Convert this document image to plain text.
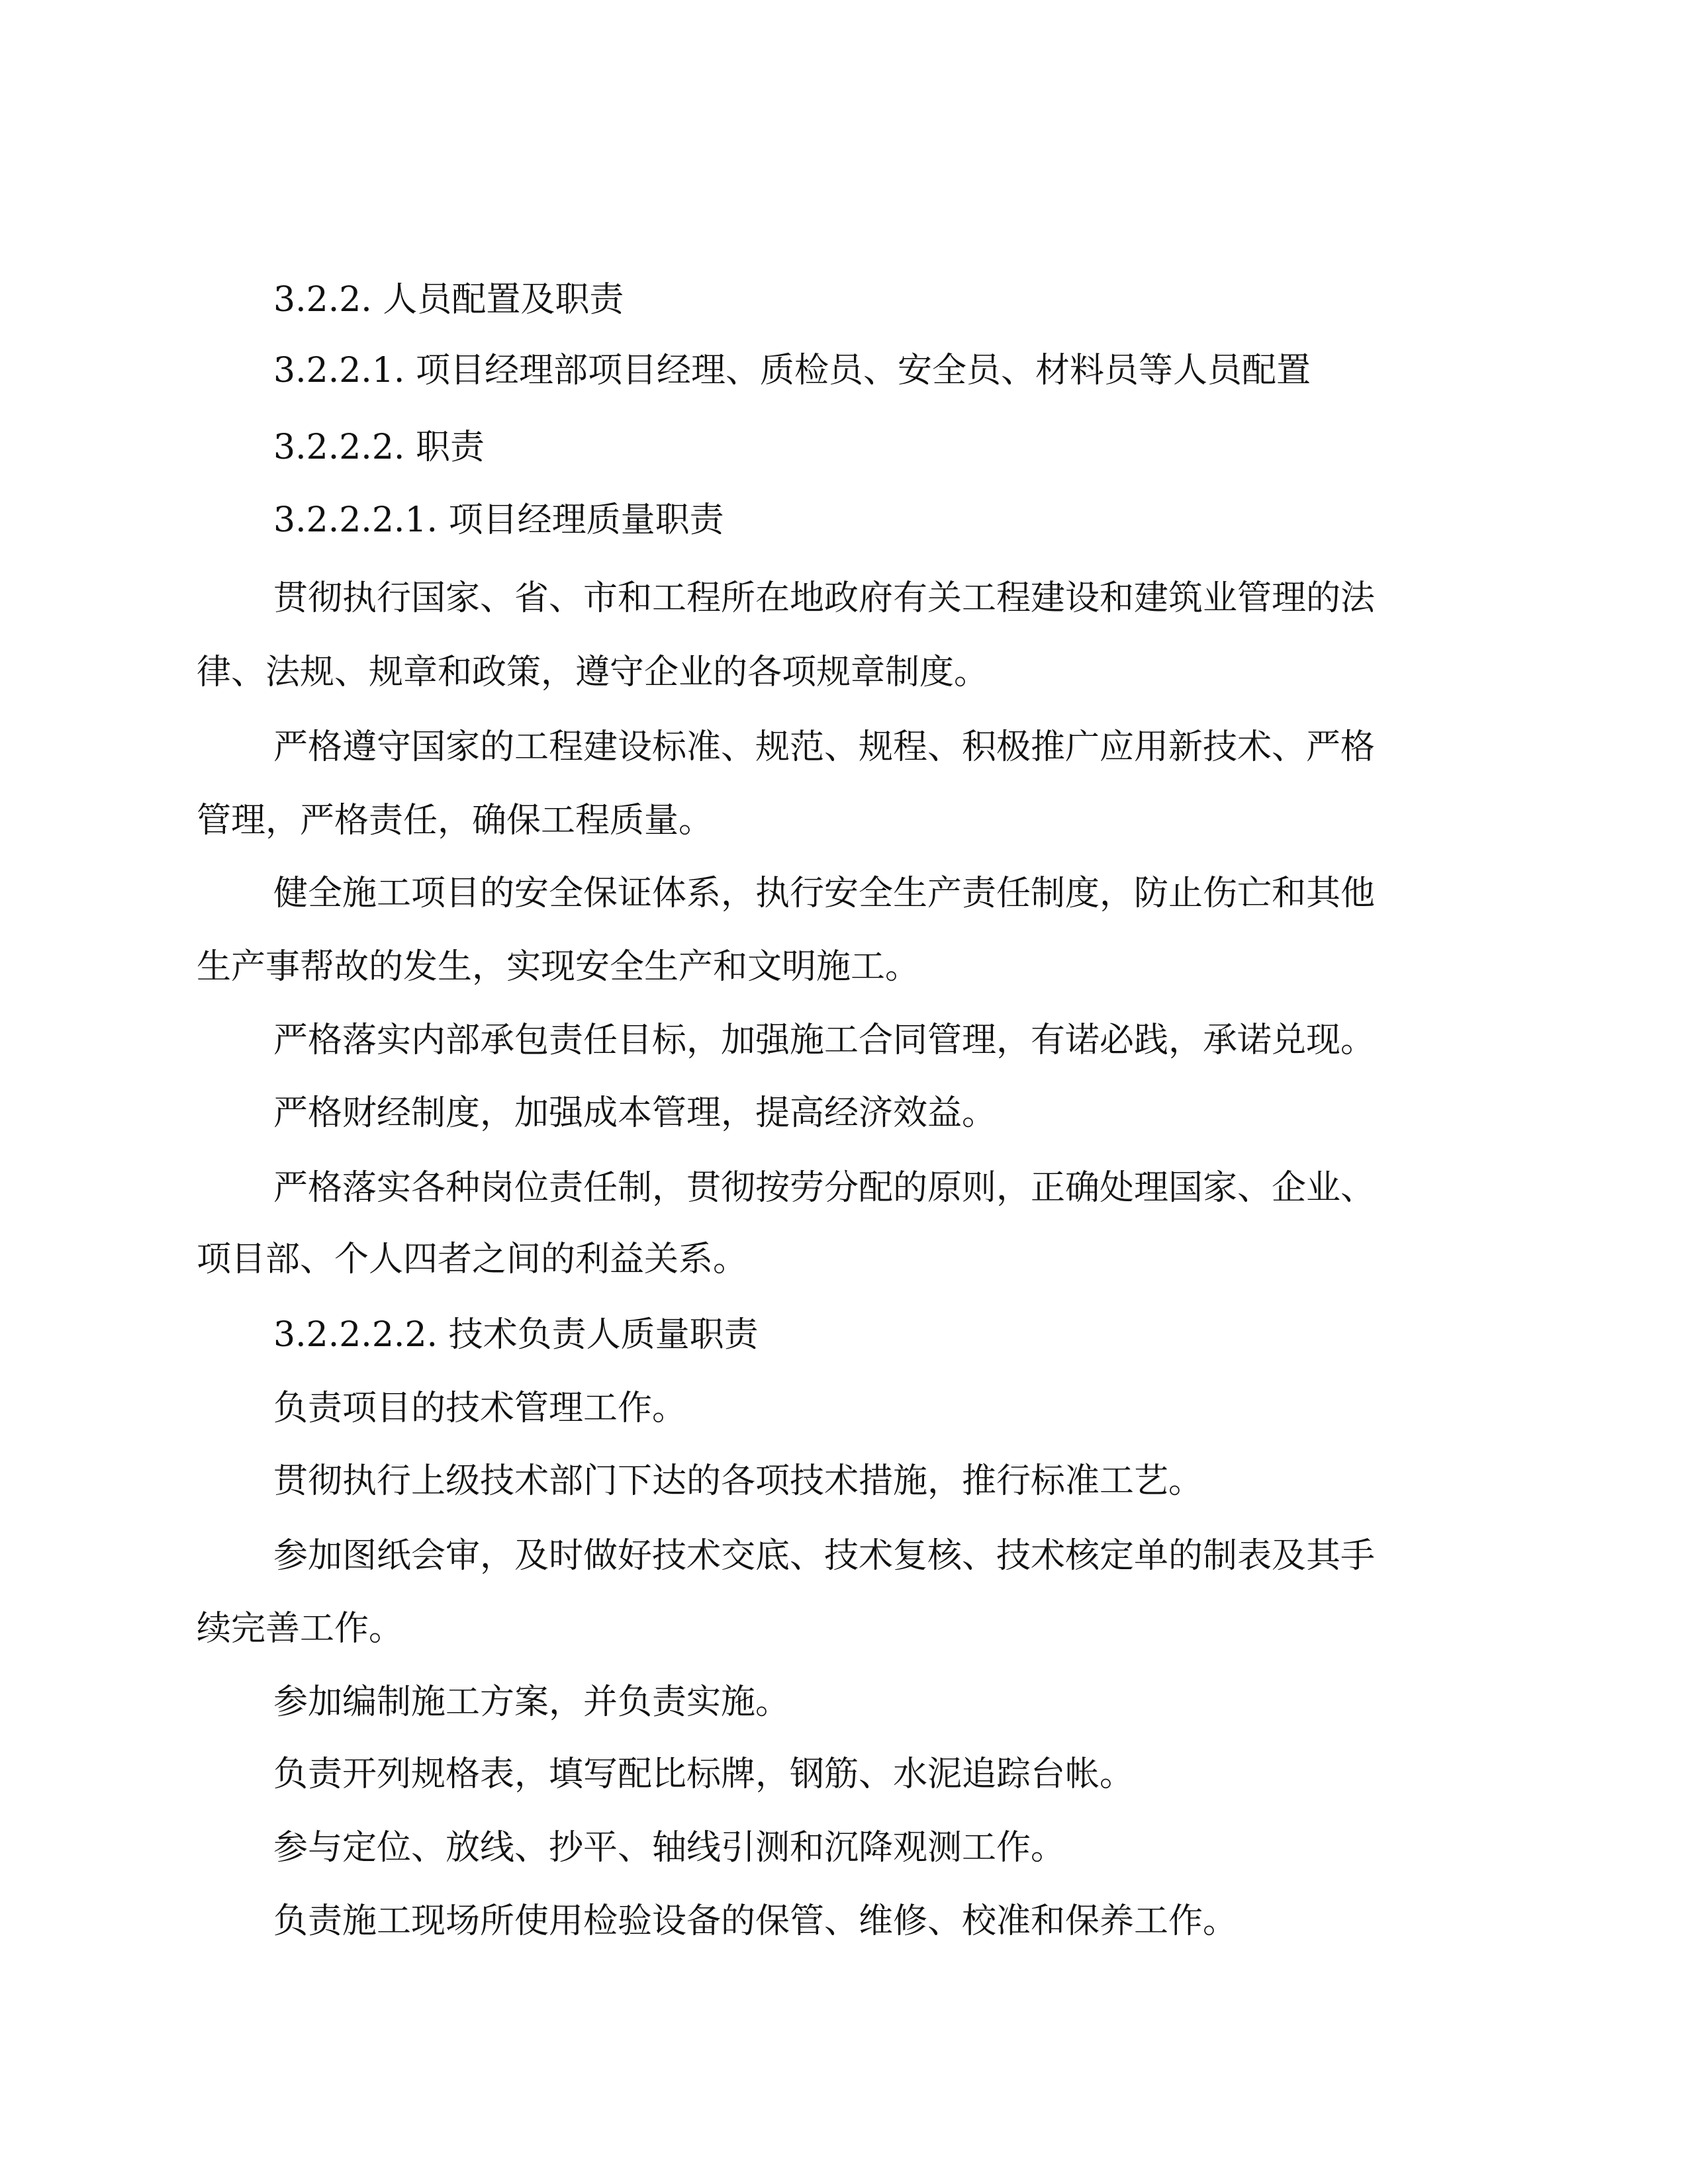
3.2.2. 人员配置及职责
3.2.2.1. 项目经理部项目经理、质检员、安全员、材料员等人员配置
3.2.2.2. 职责
3.2.2.2.1. 项目经理质量职责
贯彻执行国家、省、市和工程所在地政府有关工程建设和建筑业管理的法
律、法规、规章和政策，遵守企业的各项规章制度。
严格遵守国家的工程建设标准、规范、规程、积极推广应用新技术、严格
管理，严格责任，确保工程质量。
健全施工项目的安全保证体系，执行安全生产责任制度，防止伤亡和其他
生产事帮故的发生，实现安全生产和文明施工。
严格落实内部承包责任目标，加强施工合同管理，有诺必践，承诺兑现。
严格财经制度，加强成本管理，提高经济效益。
严格落实各种岗位责任制，贯彻按劳分配的原则，正确处理国家、企业、
项目部、个人四者之间的利益关系。
3.2.2.2.2. 技术负责人质量职责
负责项目的技术管理工作。
贯彻执行上级技术部门下达的各项技术措施，推行标准工艺。
参加图纸会审，及时做好技术交底、技术复核、技术核定单的制表及其手
续完善工作。
参加编制施工方案，并负责实施。
负责开列规格表，填写配比标牌，钢筋、水泥追踪台帐。
参与定位、放线、抄平、轴线引测和沉降观测工作。
负责施工现场所使用检验设备的保管、维修、校准和保养工作。
